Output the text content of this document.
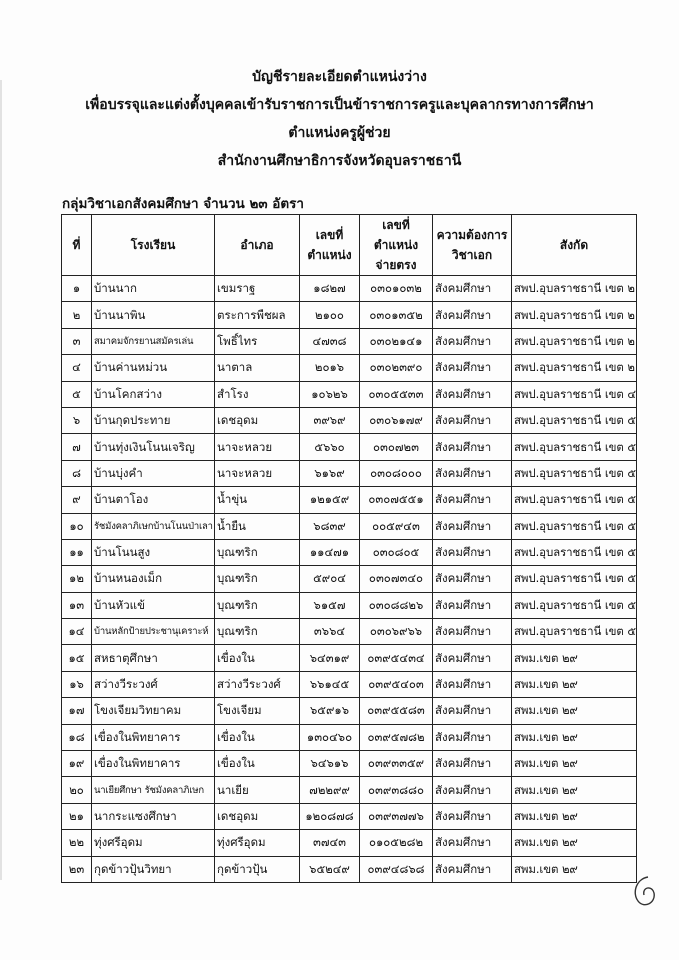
บัญชีรายละเอียดตำแหน่งว่าง
เพื่อบรรจุและแต่งตั้งบุคคลเข้ารับราชการเป็นข้าราชการครูและบุคลากรทางการศึกษา
ตำแหน่งครูผู้ช่วย
สำนักงานศึกษาธิการจังหวัดอุบลราชธานี
กลุ่มวิชาเอกสังคมศึกษา จำนวน ๒๓ อัตรา
ที่	โรงเรียน	อำเภอ	เลขที่ ตำแหน่ง	เลขที่ตำแหน่ง จ่ายตรง	ความต้องการ วิชาเอก	สังกัด
๑	บ้านนาก	เขมราฐ	๑๘๒๗	๐๓๐๑๐๓๒	สังคมศึกษา	สพป.อุบลราชธานี เขต ๒
๒	บ้านนาพิน	ตระการพืชผล	๒๑๐๐	๐๓๐๑๓๕๒	สังคมศึกษา	สพป.อุบลราชธานี เขต ๒
๓	สมาคมจักรยานสมัครเล่น	โพธิ์ไทร	๔๗๓๘	๐๓๐๒๑๔๑	สังคมศึกษา	สพป.อุบลราชธานี เขต ๒
๔	บ้านค่านหม่วน	นาตาล	๒๐๑๖	๐๓๐๒๓๙๐	สังคมศึกษา	สพป.อุบลราชธานี เขต ๒
๕	บ้านโคกสว่าง	สำโรง	๑๐๖๒๖	๐๓๐๕๕๓๓	สังคมศึกษา	สพป.อุบลราชธานี เขต ๔
๖	บ้านกุดประทาย	เดชอุดม	๓๙๖๙	๐๓๐๖๑๗๙	สังคมศึกษา	สพป.อุบลราชธานี เขต ๕
๗	บ้านทุ่งเงินโนนเจริญ	นาจะหลวย	๕๖๖๐	๐๓๐๗๒๓	สังคมศึกษา	สพป.อุบลราชธานี เขต ๕
๘	บ้านบุ่งคำ	นาจะหลวย	๖๑๖๙	๐๓๐๘๐๐๐	สังคมศึกษา	สพป.อุบลราชธานี เขต ๕
๙	บ้านตาโอง	น้ำขุ่น	๑๒๑๕๙	๐๓๐๗๕๕๑	สังคมศึกษา	สพป.อุบลราชธานี เขต ๕
๑๐	รัชมังคลาภิเษกบ้านโนนป่าเลา	น้ำยืน	๖๘๓๙	๐๐๕๙๔๓	สังคมศึกษา	สพป.อุบลราชธานี เขต ๕
๑๑	บ้านโนนสูง	บุณฑริก	๑๑๔๗๑	๐๓๐๘๐๕	สังคมศึกษา	สพป.อุบลราชธานี เขต ๕
๑๒	บ้านหนองเม็ก	บุณฑริก	๕๙๐๔	๐๓๐๗๓๔๐	สังคมศึกษา	สพป.อุบลราชธานี เขต ๕
๑๓	บ้านหัวแข้	บุณฑริก	๖๑๕๗	๐๓๐๘๘๒๖	สังคมศึกษา	สพป.อุบลราชธานี เขต ๕
๑๔	บ้านหลักป้ายประชานุเคราะห์	บุณฑริก	๓๖๖๔	๐๓๐๖๙๖๖	สังคมศึกษา	สพป.อุบลราชธานี เขต ๕
๑๕	สหธาตุศึกษา	เขื่องใน	๖๔๓๑๙	๐๓๙๕๔๓๔	สังคมศึกษา	สพม.เขต ๒๙
๑๖	สว่างวีระวงศ์	สว่างวีระวงศ์	๖๖๑๔๕	๐๓๙๕๔๐๓	สังคมศึกษา	สพม.เขต ๒๙
๑๗	โขงเจียมวิทยาคม	โขงเจียม	๖๕๙๑๖	๐๓๙๕๕๘๓	สังคมศึกษา	สพม.เขต ๒๙
๑๘	เขื่องในพิทยาคาร	เขื่องใน	๑๓๐๔๖๐	๐๓๙๕๗๘๒	สังคมศึกษา	สพม.เขต ๒๙
๑๙	เขื่องในพิทยาคาร	เขื่องใน	๖๔๖๑๖	๐๓๙๓๓๕๙	สังคมศึกษา	สพม.เขต ๒๙
๒๐	นาเยียศึกษา รัชมังคลาภิเษก	นาเยีย	๗๒๒๙๙	๐๓๙๓๘๘๐	สังคมศึกษา	สพม.เขต ๒๙
๒๑	นากระแซงศึกษา	เดชอุดม	๑๒๐๘๗๘	๐๓๙๓๗๗๖	สังคมศึกษา	สพม.เขต ๒๙
๒๒	ทุ่งศรีอุดม	ทุ่งศรีอุดม	๓๗๔๓	๐๑๐๕๒๘๒	สังคมศึกษา	สพม.เขต ๒๙
๒๓	กุดข้าวปุ้นวิทยา	กุดข้าวปุ้น	๖๕๒๔๙	๐๓๙๔๘๖๘	สังคมศึกษา	สพม.เขต ๒๙
